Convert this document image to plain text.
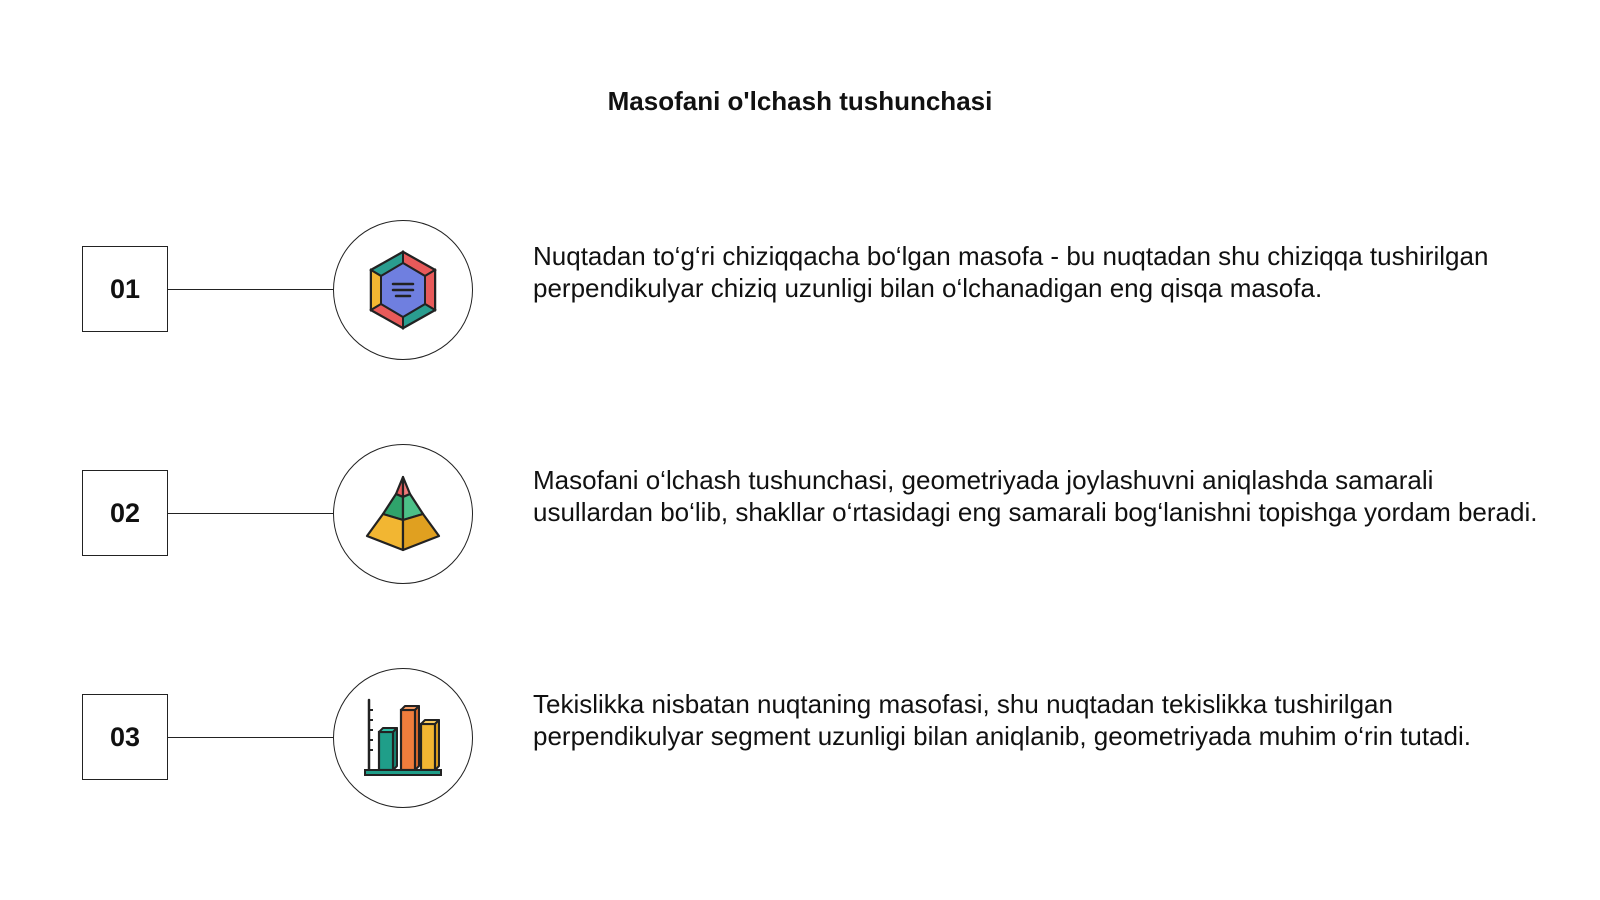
Masofani o'lchash tushunchasi
01
Nuqtadan to‘g‘ri chiziqqacha bo‘lgan masofa - bu nuqtadan shu chiziqqa tushirilgan perpendikulyar chiziq uzunligi bilan o‘lchanadigan eng qisqa masofa.
02
Masofani o‘lchash tushunchasi, geometriyada joylashuvni aniqlashda samarali usullardan bo‘lib, shakllar o‘rtasidagi eng samarali bog‘lanishni topishga yordam beradi.
03
Tekislikka nisbatan nuqtaning masofasi, shu nuqtadan tekislikka tushirilgan perpendikulyar segment uzunligi bilan aniqlanib, geometriyada muhim o‘rin tutadi.
